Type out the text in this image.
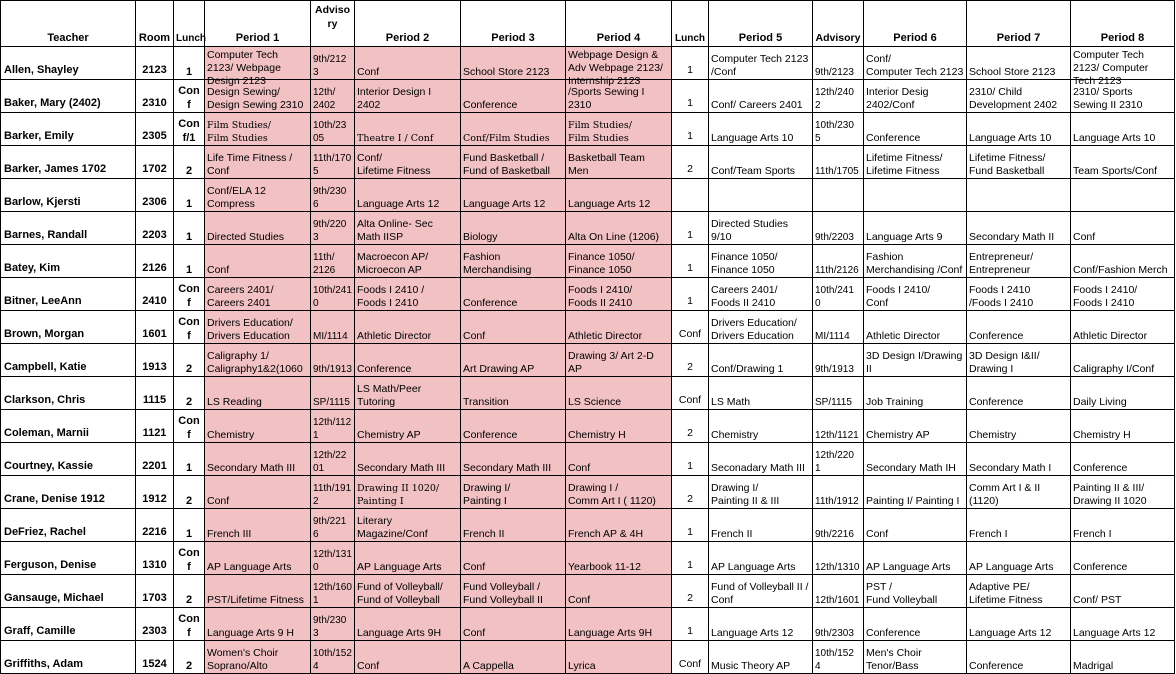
Teacher	Room	Lunch	Period 1	Adviso
ry	Period 2	Period 3	Period 4	Lunch	Period 5	Advisory	Period 6	Period 7	Period 8

Allen, Shayley	2123	1	Computer Tech
2123/ Webpage
Design 2123	9th/212
3	Conf	School Store 2123	Webpage Design &
Adv Webpage 2123/
Internship 2123	1	Computer Tech 2123
/Conf	9th/2123	Conf/
Computer Tech 2123	School Store 2123	Computer Tech
2123/ Computer
Tech 2123

Baker, Mary (2402)	2310	Con
f	Design Sewing/
Design Sewing 2310	12th/
2402	Interior Design I
2402	Conference	/Sports Sewing I
2310	1	Conf/ Careers 2401	12th/240
2	Interior Desig
2402/Conf	2310/ Child
Development 2402	2310/ Sports
Sewing II 2310

Barker, Emily	2305	Con
f/1	Film Studies/
Film Studies	10th/23
05	Theatre I / Conf	Conf/Film Studies	Film Studies/
Film Studies	1	Language Arts 10	10th/230
5	Conference	Language Arts 10	Language Arts 10

Barker, James 1702	1702	2	Life Time Fitness /
Conf	11th/170
5	Conf/
Lifetime Fitness	Fund Basketball /
Fund of Basketball	Basketball Team
Men	2	Conf/Team Sports	11th/1705	Lifetime Fitness/
Lifetime Fitness	Lifetime Fitness/
Fund Basketball	Team Sports/Conf

Barlow, Kjersti	2306	1	Conf/ELA 12
Compress	9th/230
6	Language Arts 12	Language Arts 12	Language Arts 12						

Barnes, Randall	2203	1	Directed Studies	9th/220
3	Alta Online- Sec
Math IISP	Biology	Alta On Line (1206)	1	Directed Studies
9/10	9th/2203	Language Arts 9	Secondary Math II	Conf

Batey, Kim	2126	1	Conf	11th/
2126	Macroecon AP/
Microecon AP	Fashion
Merchandising	Finance 1050/
Finance 1050	1	Finance 1050/
Finance 1050	11th/2126	Fashion
Merchandising /Conf	Entrepreneur/
Entrepreneur	Conf/Fashion Merch

Bitner, LeeAnn	2410	Con
f	Careers 2401/
Careers 2401	10th/241
0	Foods I 2410 /
Foods I 2410	Conference	Foods I 2410/
Foods II 2410	1	Careers 2401/
Foods II 2410	10th/241
0	Foods I 2410/
Conf	Foods I 2410
/Foods I 2410	Foods I 2410/
Foods I 2410

Brown, Morgan	1601	Con
f	Drivers Education/
Drivers Education	MI/1114	Athletic Director	Conf	Athletic Director	Conf	Drivers Education/
Drivers Education	MI/1114	Athletic Director	Conference	Athletic Director

Campbell, Katie	1913	2	Caligraphy 1/
Caligraphy1&2(1060	9th/1913	Conference	Art Drawing AP	Drawing 3/ Art 2-D
AP	2	Conf/Drawing 1	9th/1913	3D Design I/Drawing
II	3D Design I&II/
Drawing I	Caligraphy I/Conf

Clarkson, Chris	1115	2	LS Reading	SP/1115	LS Math/Peer
Tutoring	Transition	LS Science	Conf	LS Math	SP/1115	Job Training	Conference	Daily Living

Coleman, Marnii	1121	Con
f	Chemistry	12th/112
1	Chemistry AP	Conference	Chemistry H	2	Chemistry	12th/1121	Chemistry AP	Chemistry	Chemistry H

Courtney, Kassie	2201	1	Secondary Math III	12th/22
01	Secondary Math III	Secondary Math III	Conf	1	Seconadary Math III	12th/220
1	Secondary Math IH	Secondary Math I	Conference

Crane, Denise 1912	1912	2	Conf	11th/191
2	Drawing II 1020/
Painting I	Drawing I/
Painting I	Drawing I /
Comm Art I ( 1120)	2	Drawing I/
Painting II & III	11th/1912	Painting I/ Painting I	Comm Art I & II
(1120)	Painting II & III/
Drawing II 1020

DeFriez, Rachel	2216	1	French III	9th/221
6	Literary
Magazine/Conf	French II	French AP & 4H	1	French II	9th/2216	Conf	French I	French I

Ferguson, Denise	1310	Con
f	AP Language Arts	12th/131
0	AP Language Arts	Conf	Yearbook 11-12	1	AP Language Arts	12th/1310	AP Language Arts	AP Language Arts	Conference

Gansauge, Michael	1703	2	PST/Lifetime Fitness	12th/160
1	Fund of Volleyball/
Fund of Volleyball	Fund Volleyball /
Fund Volleyball II	Conf	2	Fund of Volleyball II /
Conf	12th/1601	PST /
Fund Volleyball	Adaptive PE/
Lifetime Fitness	Conf/ PST

Graff, Camille	2303	Con
f	Language Arts 9 H	9th/230
3	Language Arts 9H	Conf	Language Arts 9H	1	Language Arts 12	9th/2303	Conference	Language Arts 12	Language Arts 12

Griffiths, Adam	1524	2	Women's Choir
Soprano/Alto	10th/152
4	Conf	A Cappella	Lyrica	Conf	Music Theory AP	10th/152
4	Men's Choir
Tenor/Bass	Conference	Madrigal
